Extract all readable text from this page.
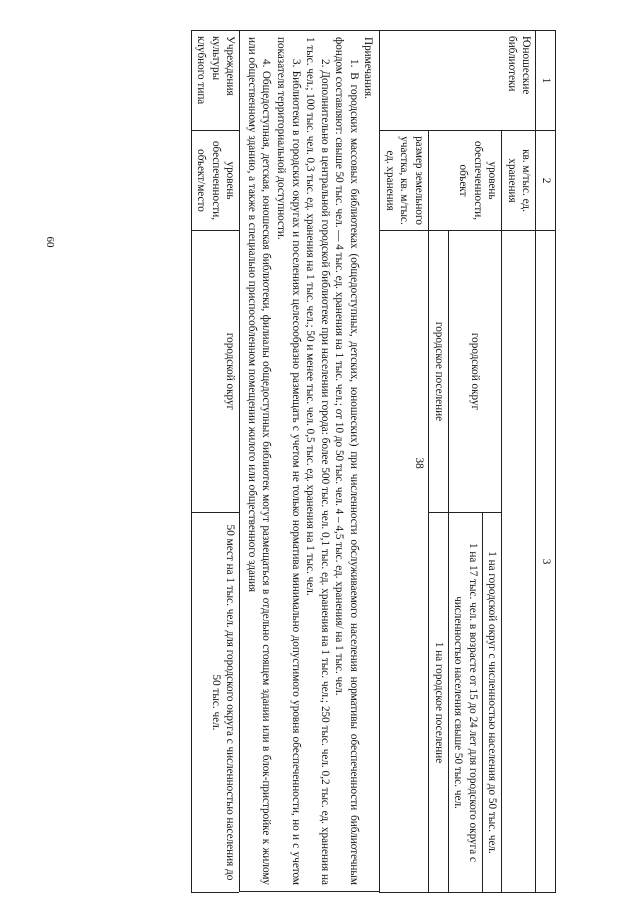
60
1	2	3		
Юношеские библиотеки	кв. м/тыс. ед. хранения			
	уровень обеспеченности, объект	городской округ		1 на городской округ с численностью населения до 50 тыс. чел.
				1 на 17 тыс. чел. в возрасте от 15 до 24 лет для городского округа с численностью населения свыше 50 тыс. чел.
		городское поселение		1 на городское поселение
	размер земельного участка, кв. м/тыс. ед. хранения		38	

Примечания.

1. В городских массовых библиотеках (общедоступных, детских, юношеских) при численности обслуживаемого населения нормативы обеспеченности библиотечным фондом составляют: свыше 50 тыс. чел. — 4 тыс. ед. хранения на 1 тыс. чел.; от 10 до 50 тыс. чел. 4 – 4,5 тыс. ед. хранения/ на 1 тыс. чел.

2. Дополнительно в центральной городской библиотеке при населении города: более 500 тыс. чел. 0,1 тыс. ед. хранения на 1 тыс. чел.; 250 тыс. чел. 0,2 тыс. ед. хранения на 1 тыс. чел.; 100 тыс. чел. 0,3 тыс. ед. хранения на 1 тыс. чел.; 50 и менее тыс. чел. 0,5 тыс. ед. хранения на 1 тыс. чел.

3. Библиотеки в городских округах и поселениях целесообразно размещать с учетом не только норматива минимально допустимого уровня обеспеченности, но и с учетом показателя территориальной доступности.

4. Общедоступная, детская, юношеская библиотеки, филиалы общедоступных библиотек могут размещаться в отдельно стоящем здании или в блок-пристройке к жилому или общественному зданию, а также в специально приспособленном помещении жилого или общественного здания

Учреждения культуры клубного типа	уровень обеспеченности, объект/место	городской округ	50 мест на 1 тыс. чел. для городского округа с численностью населения до 50 тыс. чел.
